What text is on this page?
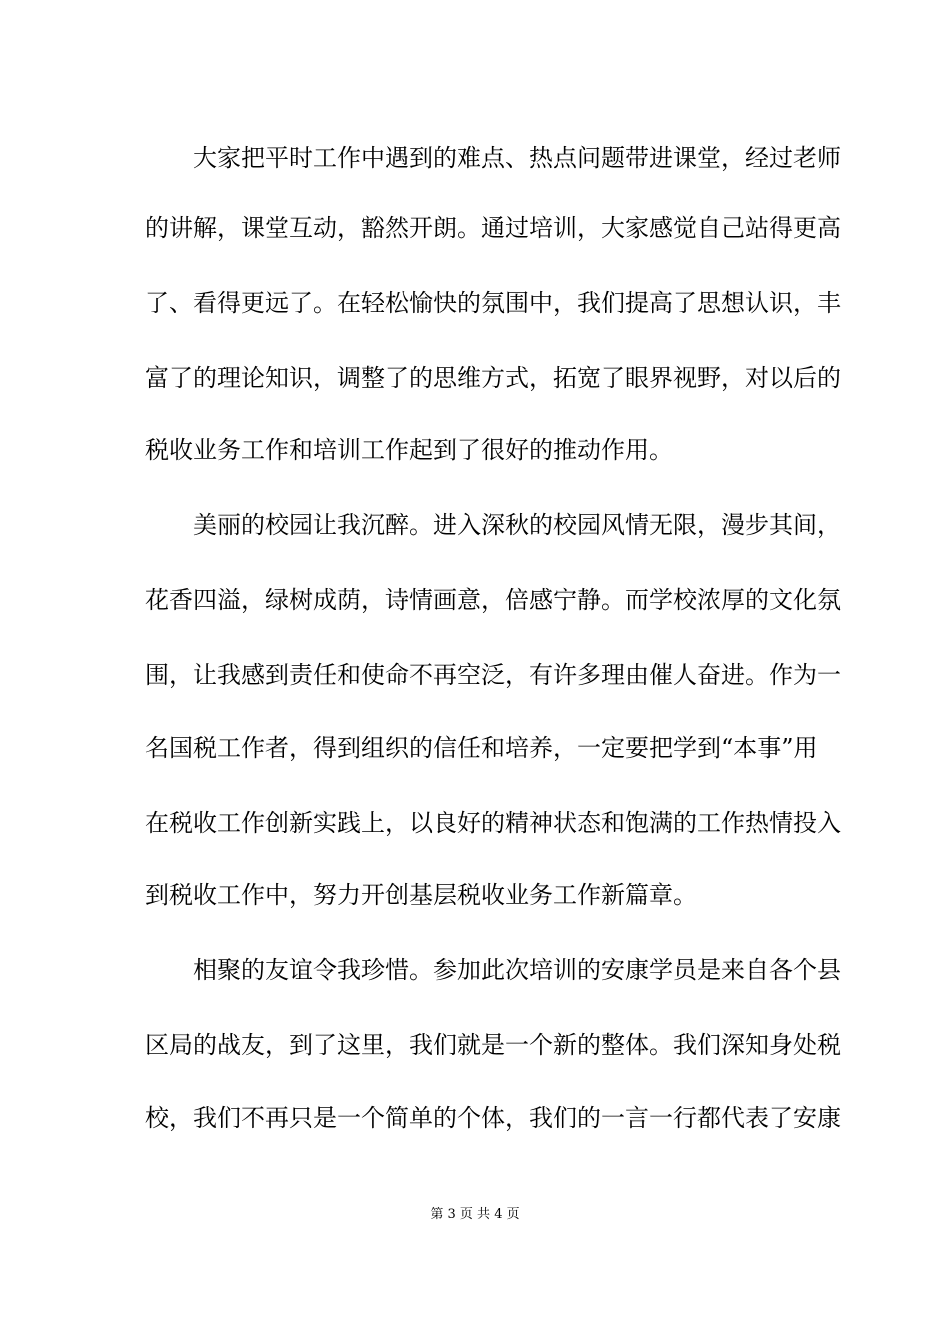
大家把平时工作中遇到的难点、热点问题带进课堂，经过老师
的讲解，课堂互动，豁然开朗。通过培训，大家感觉自己站得更高
了、看得更远了。在轻松愉快的氛围中，我们提高了思想认识，丰
富了的理论知识，调整了的思维方式，拓宽了眼界视野，对以后的
税收业务工作和培训工作起到了很好的推动作用。
美丽的校园让我沉醉。进入深秋的校园风情无限，漫步其间，
花香四溢，绿树成荫，诗情画意，倍感宁静。而学校浓厚的文化氛
围，让我感到责任和使命不再空泛，有许多理由催人奋进。作为一
名国税工作者，得到组织的信任和培养，一定要把学到“本事”用
在税收工作创新实践上，以良好的精神状态和饱满的工作热情投入
到税收工作中，努力开创基层税收业务工作新篇章。
相聚的友谊令我珍惜。参加此次培训的安康学员是来自各个县
区局的战友，到了这里，我们就是一个新的整体。我们深知身处税
校，我们不再只是一个简单的个体，我们的一言一行都代表了安康
第 3 页 共 4 页
